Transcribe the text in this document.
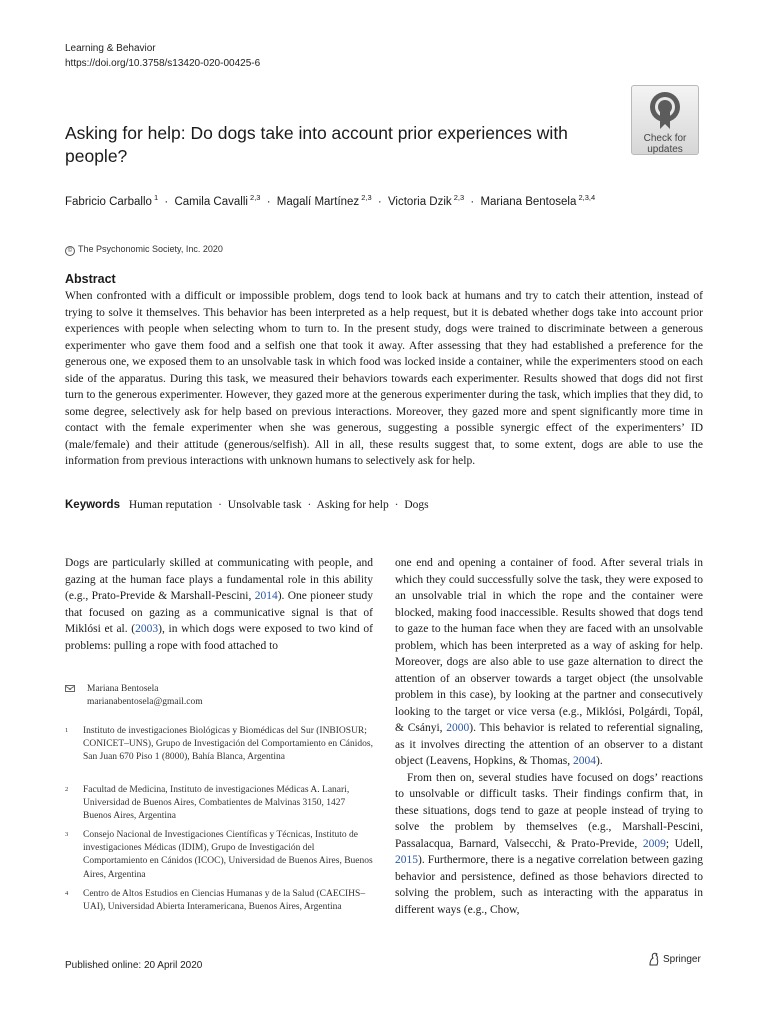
Learning & Behavior
https://doi.org/10.3758/s13420-020-00425-6
Check for
updates
Asking for help: Do dogs take into account prior experiences with people?
Fabricio Carballo $^1$ · Camila Cavalli $^{2,3}$ · Magalí Martínez $^{2,3}$ · Victoria Dzik $^{2,3}$ · Mariana Bentosela $^{2,3,4}$
© The Psychonomic Society, Inc. 2020
Abstract

When confronted with a difficult or impossible problem, dogs tend to look back at humans and try to catch their attention, instead of trying to solve it themselves. This behavior has been interpreted as a help request, but it is debated whether dogs take into account prior experiences with people when selecting whom to turn to. In the present study, dogs were trained to discriminate between a generous experimenter who gave them food and a selfish one that took it away. After assessing that they had established a preference for the generous one, we exposed them to an unsolvable task in which food was locked inside a container, while the experimenters stood on each side of the apparatus. During this task, we measured their behaviors towards each experimenter. Results showed that dogs did not first turn to the generous experimenter. However, they gazed more at the generous experimenter during the task, which implies that they did, to some degree, selectively ask for help based on previous interactions. Moreover, they gazed more and spent significantly more time in contact with the female experimenter when she was generous, suggesting a possible synergic effect of the experimenters’ ID (male/female) and their attitude (generous/selfish). All in all, these results suggest that, to some extent, dogs are able to use the information from previous interactions with unknown humans to selectively ask for help.

Keywords Human reputation · Unsolvable task · Asking for help · Dogs

Dogs are particularly skilled at communicating with people, and gazing at the human face plays a fundamental role in this ability (e.g., Prato-Previde & Marshall-Pescini, 2014). One pioneer study that focused on gazing as a communicative signal is that of Miklósi et al. (2003), in which dogs were exposed to two kind of problems: pulling a rope with food attached to

Mariana Bentosela
marianabentosela@gmail.com
1 Instituto de investigaciones Biológicas y Biomédicas del Sur (INBIOSUR; CONICET–UNS), Grupo de Investigación del Comportamiento en Cánidos, San Juan 670 Piso 1 (8000), Bahía Blanca, Argentina
2 Facultad de Medicina, Instituto de investigaciones Médicas A. Lanari, Universidad de Buenos Aires, Combatientes de Malvinas 3150, 1427 Buenos Aires, Argentina
3 Consejo Nacional de Investigaciones Científicas y Técnicas, Instituto de investigaciones Médicas (IDIM), Grupo de Investigación del Comportamiento en Cánidos (ICOC), Universidad de Buenos Aires, Buenos Aires, Argentina
4 Centro de Altos Estudios en Ciencias Humanas y de la Salud (CAECIHS–UAI), Universidad Abierta Interamericana, Buenos Aires, Argentina

one end and opening a container of food. After several trials in which they could successfully solve the task, they were exposed to an unsolvable trial in which the rope and the container were blocked, making food inaccessible. Results showed that dogs tend to gaze to the human face when they are faced with an unsolvable problem, which has been interpreted as a way of asking for help. Moreover, dogs are also able to use gaze alternation to direct the attention of an observer towards a target object (the unsolvable problem in this case), by looking at the partner and consecutively looking to the target or vice versa (e.g., Miklósi, Polgárdi, Topál, & Csányi, 2000). This behavior is related to referential signaling, as it involves directing the attention of an observer to a distant object (Leavens, Hopkins, & Thomas, 2004).

From then on, several studies have focused on dogs’ reactions to unsolvable or difficult tasks. Their findings confirm that, in these situations, dogs tend to gaze at people instead of trying to solve the problem by themselves (e.g., Marshall-Pescini, Passalacqua, Barnard, Valsecchi, & Prato-Previde, 2009; Udell, 2015). Furthermore, there is a negative correlation between gazing behavior and persistence, defined as those behaviors directed to solving the problem, such as interacting with the apparatus in different ways (e.g., Chow,

Published online: 20 April 2020
Springer
